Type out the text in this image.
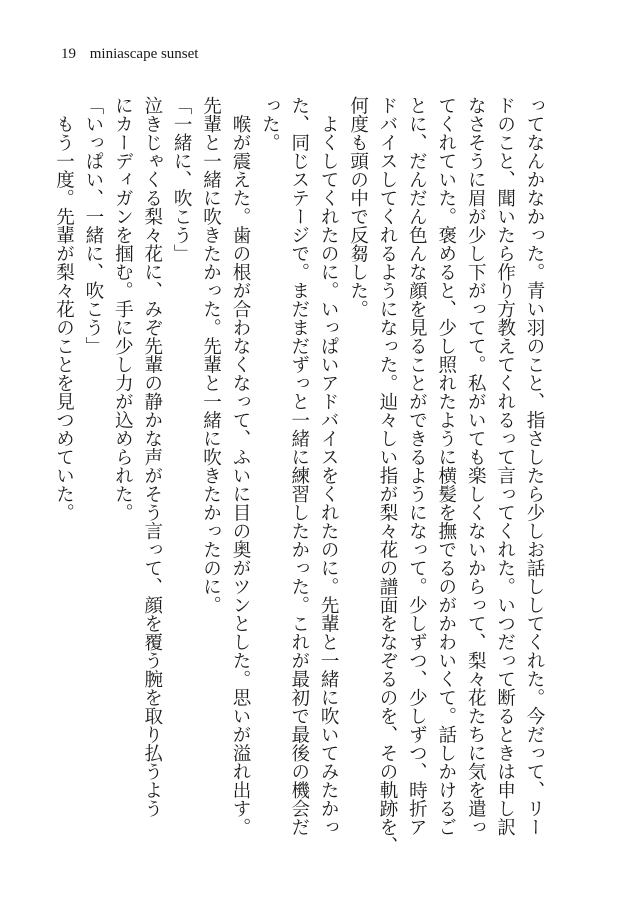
19 miniascape sunset

ってなんかなかった。青い羽のこと、指さしたら少しお話ししてくれた。今だって、リー

ドのこと、聞いたら作り方教えてくれるって言ってくれた。いつだって断るときは申し訳

なさそうに眉が少し下がってて。私がいても楽しくないからって、梨々花たちに気を遣っ

てくれていた。褒めると、少し照れたように横髪を撫でるのがかわいくて。話しかけるご

とに、だんだん色んな顔を見ることができるようになって。少しずつ、少しずつ、時折ア

ドバイスしてくれるようになった。辿々しい指が梨々花の譜面をなぞるのを、その軌跡を、

何度も頭の中で反芻した。

　よくしてくれたのに。いっぱいアドバイスをくれたのに。先輩と一緒に吹いてみたかっ

た、同じステージで。まだまだずっと一緒に練習したかった。これが最初で最後の機会だ

った。

　喉が震えた。歯の根が合わなくなって、ふいに目の奥がツンとした。思いが溢れ出す。

先輩と一緒に吹きたかった。先輩と一緒に吹きたかったのに。

「一緒に、吹こう」

泣きじゃくる梨々花に、みぞ先輩の静かな声がそう言って、顔を覆う腕を取り払うよう

にカーディガンを掴む。手に少し力が込められた。

「いっぱい、一緒に、吹こう」

　もう一度。先輩が梨々花のことを見つめていた。
